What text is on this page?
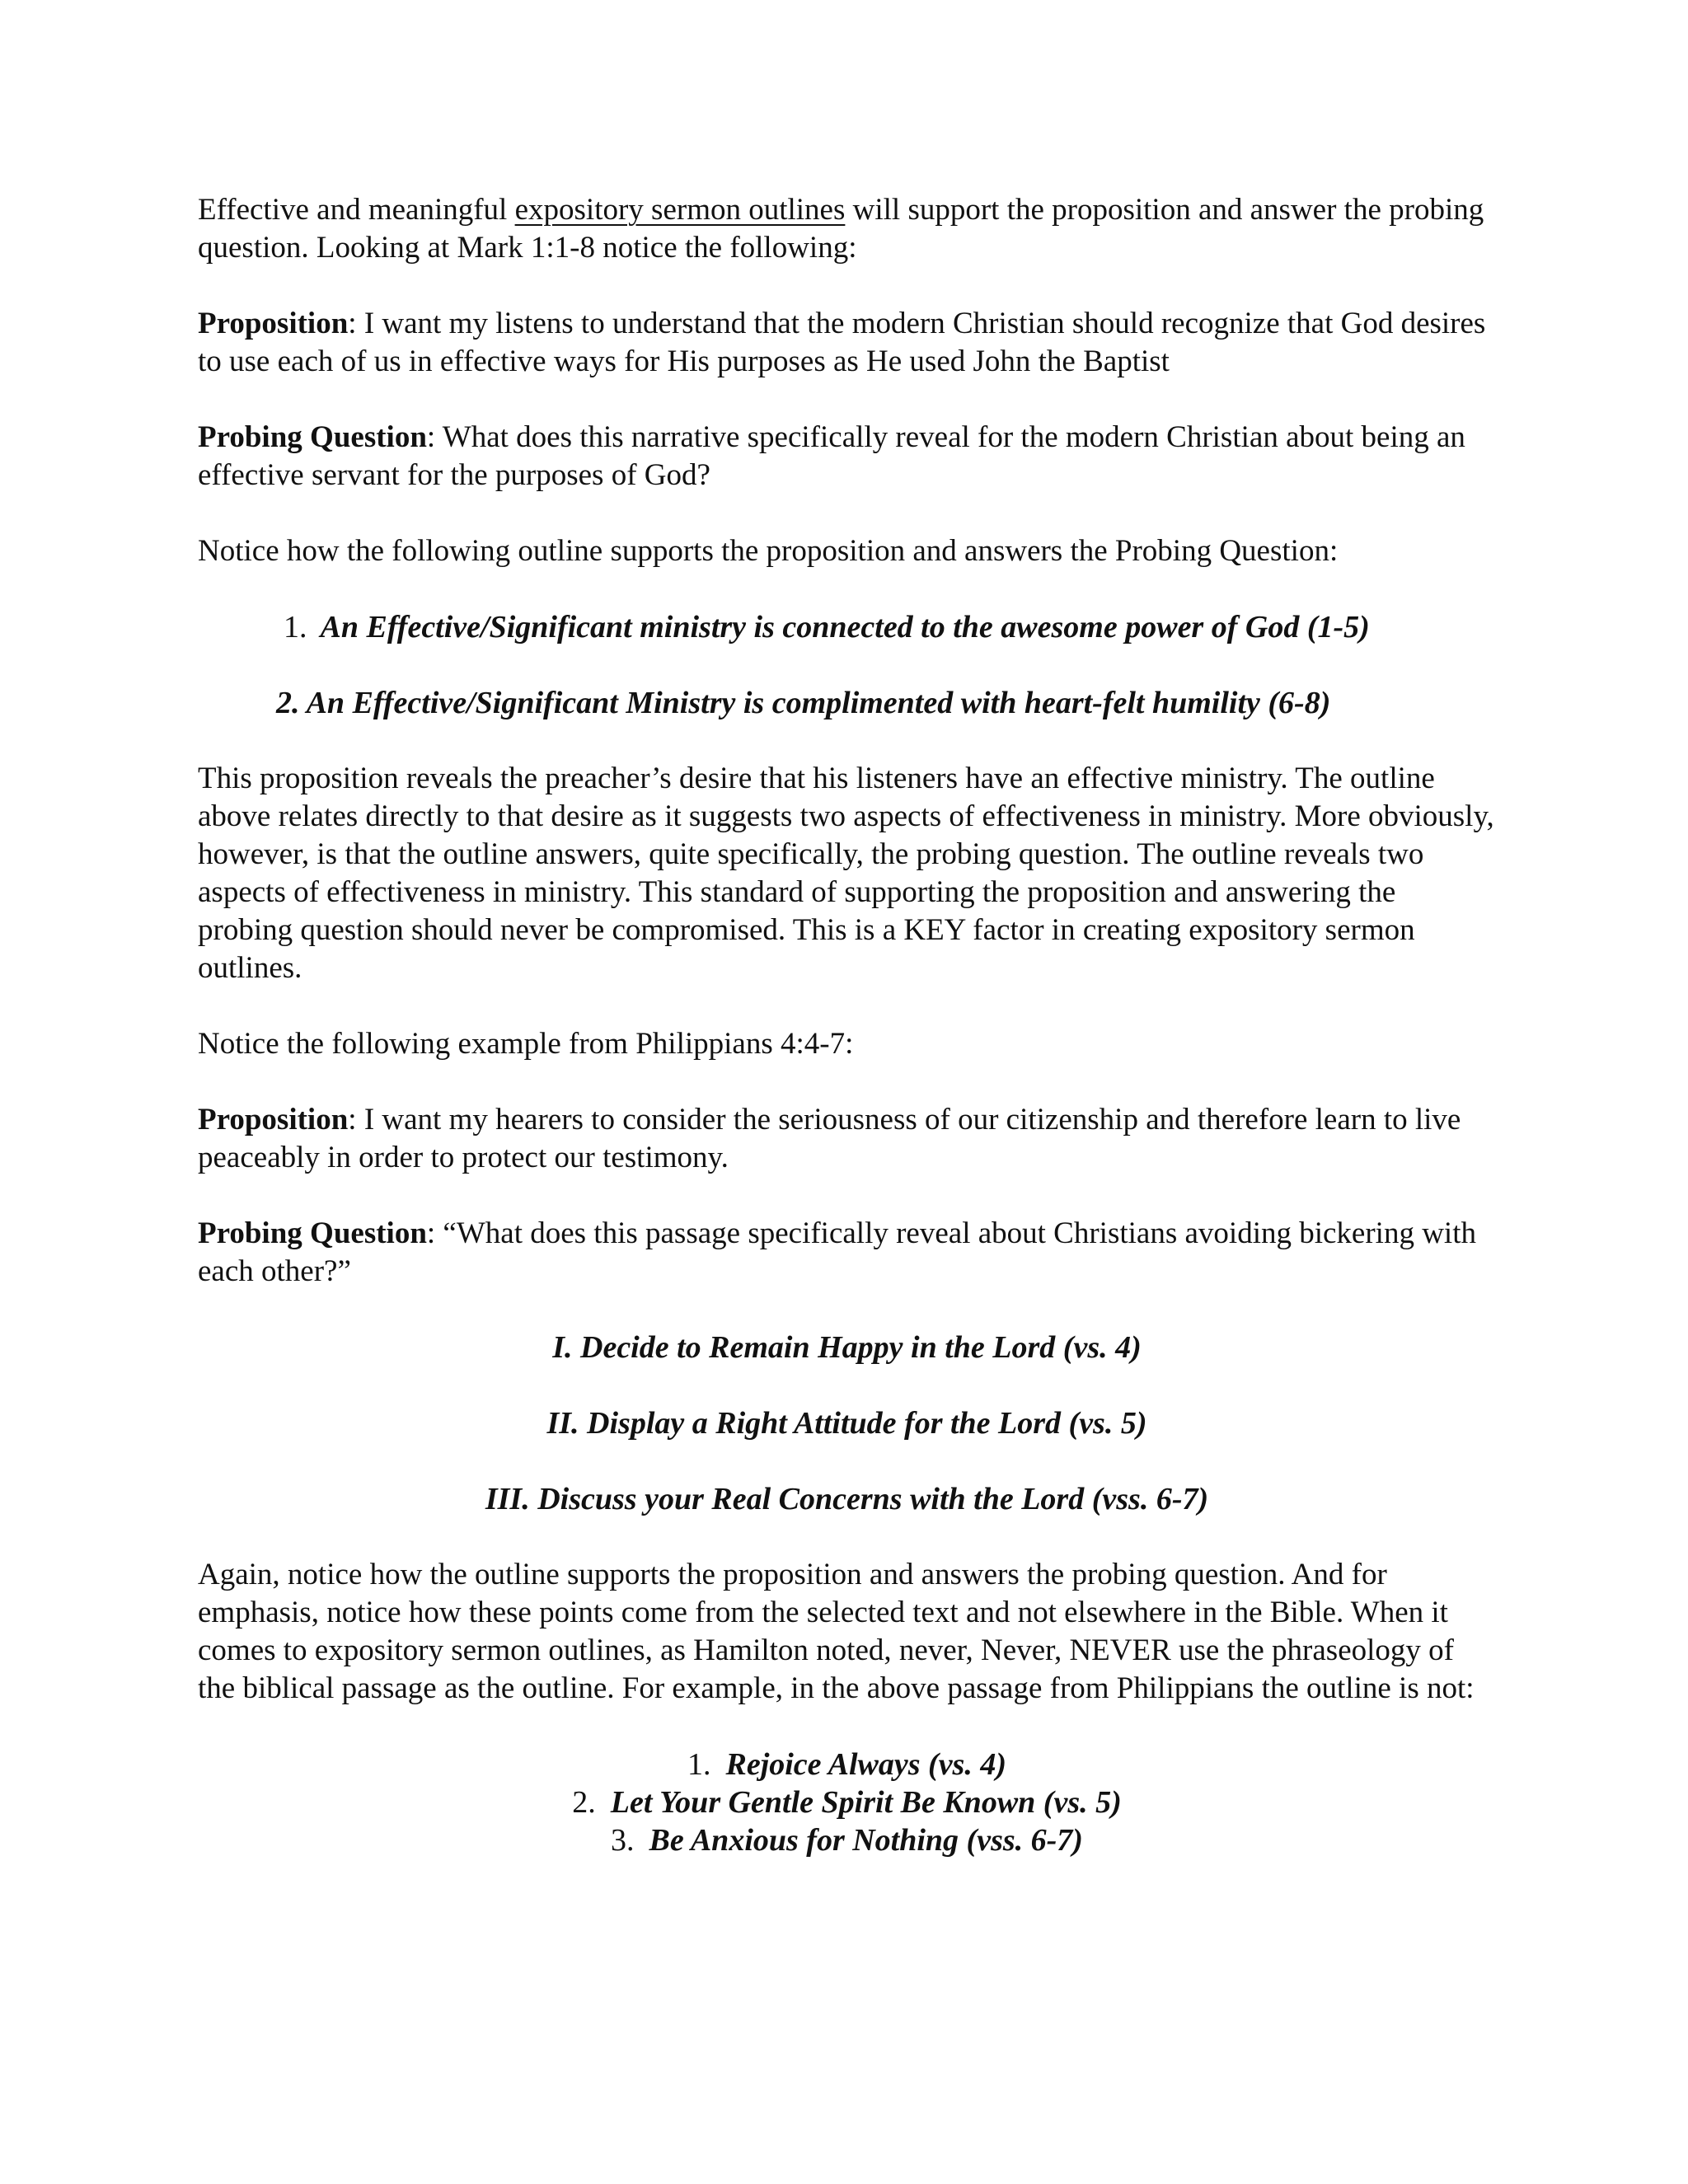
Effective and meaningful expository sermon outlines will support the proposition and answer the probing question. Looking at Mark 1:1-8 notice the following:

Proposition: I want my listens to understand that the modern Christian should recognize that God desires to use each of us in effective ways for His purposes as He used John the Baptist

Probing Question: What does this narrative specifically reveal for the modern Christian about being an effective servant for the purposes of God?

Notice how the following outline supports the proposition and answers the Probing Question:

1. An Effective/Significant ministry is connected to the awesome power of God (1-5)

2. An Effective/Significant Ministry is complimented with heart-felt humility (6-8)

This proposition reveals the preacher’s desire that his listeners have an effective ministry. The outline above relates directly to that desire as it suggests two aspects of effectiveness in ministry. More obviously, however, is that the outline answers, quite specifically, the probing question. The outline reveals two aspects of effectiveness in ministry. This standard of supporting the proposition and answering the probing question should never be compromised. This is a KEY factor in creating expository sermon outlines.

Notice the following example from Philippians 4:4-7:

Proposition: I want my hearers to consider the seriousness of our citizenship and therefore learn to live peaceably in order to protect our testimony.

Probing Question: “What does this passage specifically reveal about Christians avoiding bickering with each other?”

I. Decide to Remain Happy in the Lord (vs. 4)

II. Display a Right Attitude for the Lord (vs. 5)

III. Discuss your Real Concerns with the Lord (vss. 6-7)

Again, notice how the outline supports the proposition and answers the probing question. And for emphasis, notice how these points come from the selected text and not elsewhere in the Bible. When it comes to expository sermon outlines, as Hamilton noted, never, Never, NEVER use the phraseology of the biblical passage as the outline. For example, in the above passage from Philippians the outline is not:

1. Rejoice Always (vs. 4)
2. Let Your Gentle Spirit Be Known (vs. 5)
3. Be Anxious for Nothing (vss. 6-7)
